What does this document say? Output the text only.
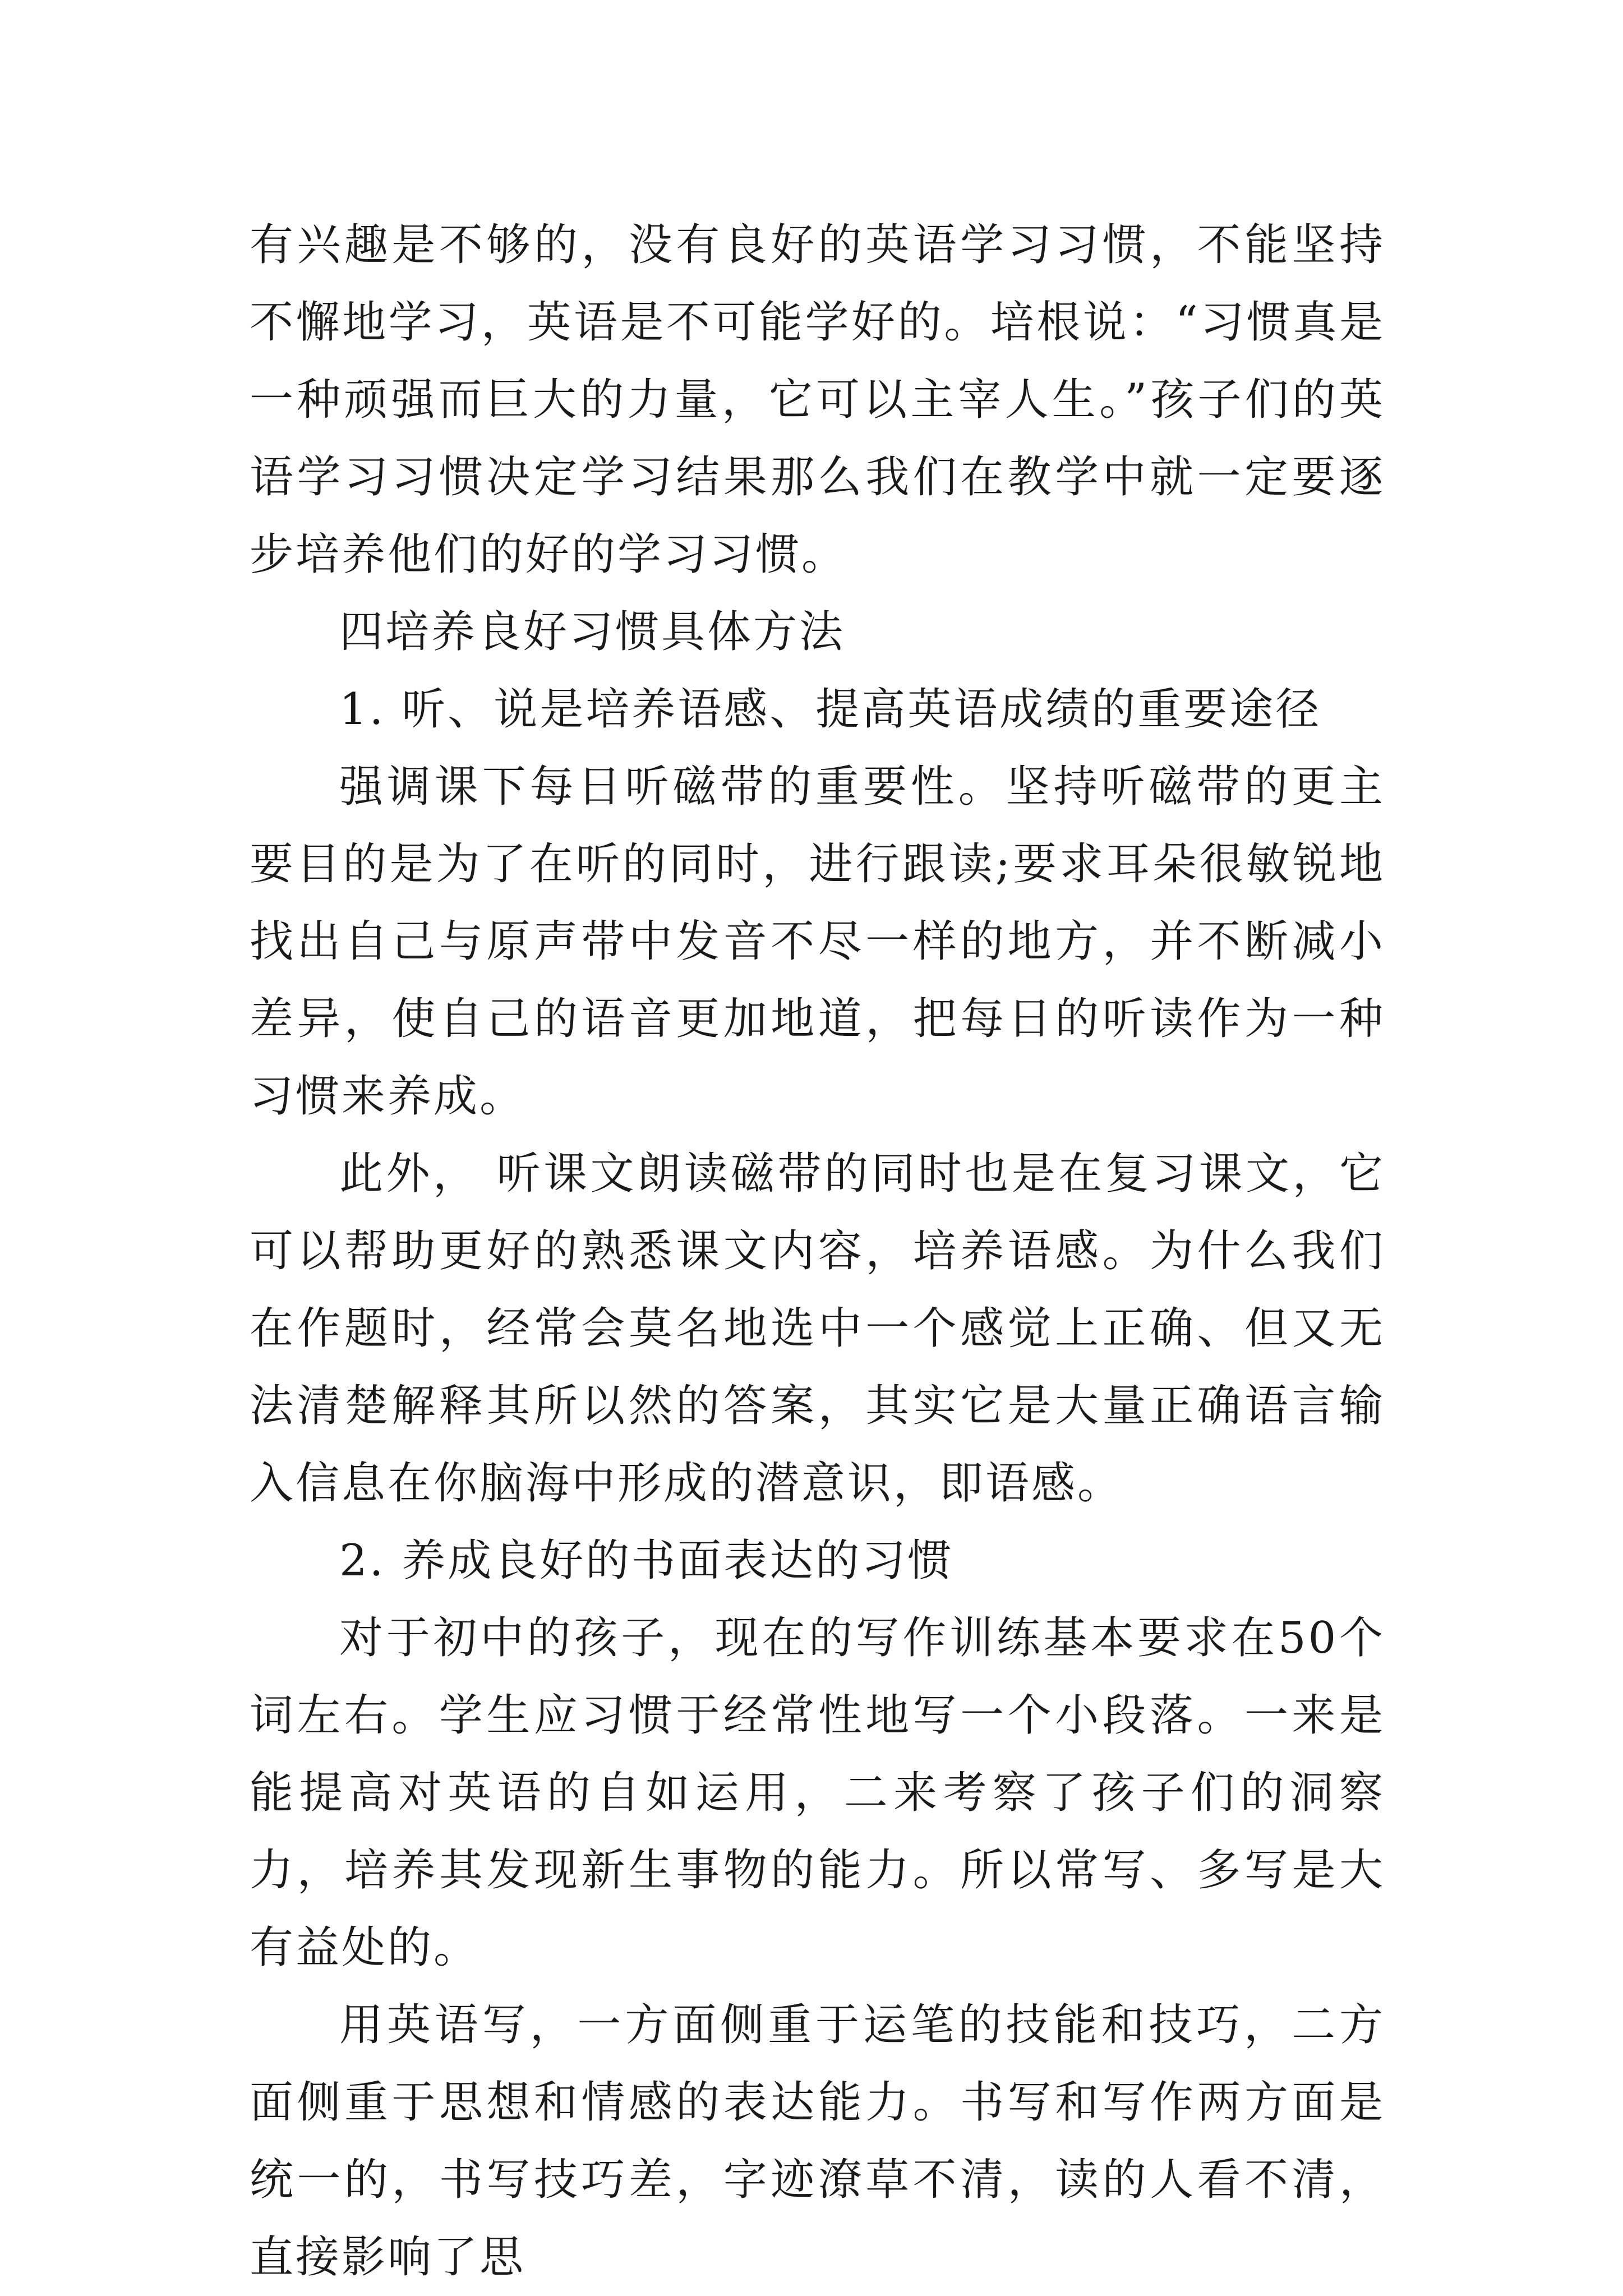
有兴趣是不够的，没有良好的英语学习习惯，不能坚持不懈地学习，英语是不可能学好的。培根说：“习惯真是一种顽强而巨大的力量，它可以主宰人生。”孩子们的英语学习习惯决定学习结果那么我们在教学中就一定要逐步培养他们的好的学习习惯。

四培养良好习惯具体方法

1. 听、说是培养语感、提高英语成绩的重要途径

强调课下每日听磁带的重要性。坚持听磁带的更主要目的是为了在听的同时，进行跟读;要求耳朵很敏锐地找出自己与原声带中发音不尽一样的地方，并不断减小差异，使自己的语音更加地道，把每日的听读作为一种习惯来养成。

此外， 听课文朗读磁带的同时也是在复习课文，它可以帮助更好的熟悉课文内容，培养语感。为什么我们在作题时，经常会莫名地选中一个感觉上正确、但又无法清楚解释其所以然的答案，其实它是大量正确语言输入信息在你脑海中形成的潜意识，即语感。

2. 养成良好的书面表达的习惯

对于初中的孩子，现在的写作训练基本要求在50个词左右。学生应习惯于经常性地写一个小段落。一来是能提高对英语的自如运用，二来考察了孩子们的洞察力，培养其发现新生事物的能力。所以常写、多写是大有益处的。

用英语写，一方面侧重于运笔的技能和技巧，二方面侧重于思想和情感的表达能力。书写和写作两方面是统一的，书写技巧差，字迹潦草不清，读的人看不清，直接影响了思
